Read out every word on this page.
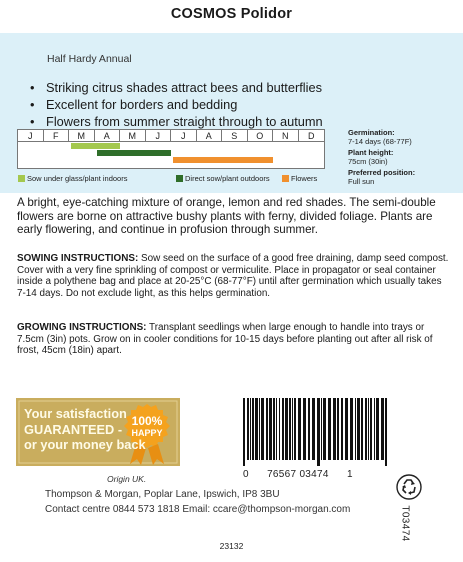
COSMOS Polidor
Half Hardy Annual
• Striking citrus shades attract bees and butterflies
• Excellent for borders and bedding
• Flowers from summer straight through to autumn
J	F	M	A	M	J	J	A	S	O	N	D
Sow under glass/plant indoors	Direct sow/plant outdoors	Flowers
Germination:
7-14 days (68-77F)
Plant height:
75cm (30in)
Preferred position:
Full sun
A bright, eye-catching mixture of orange, lemon and red shades. The semi-double flowers are borne on attractive bushy plants with ferny, divided foliage. Plants are early flowering, and continue in profusion through summer.
SOWING INSTRUCTIONS: Sow seed on the surface of a good free draining, damp seed compost. Cover with a very fine sprinkling of compost or vermiculite. Place in propagator or seal container inside a polythene bag and place at 20-25°C (68-77°F) until after germination which usually takes 7-14 days. Do not exclude light, as this helps germination.
GROWING INSTRUCTIONS: Transplant seedlings when large enough to handle into trays or 7.5cm (3in) pots. Grow on in cooler conditions for 10-15 days before planting out after all risk of frost, 45cm (18in) apart.
Your satisfaction
GUARANTEED -
or your money back
100%
HAPPY
Origin UK.
Thompson & Morgan, Poplar Lane, Ipswich, IP8 3BU
Contact centre 0844 573 1818 Email: ccare@thompson-morgan.com
0 76567 03474 1
T03474
23132
